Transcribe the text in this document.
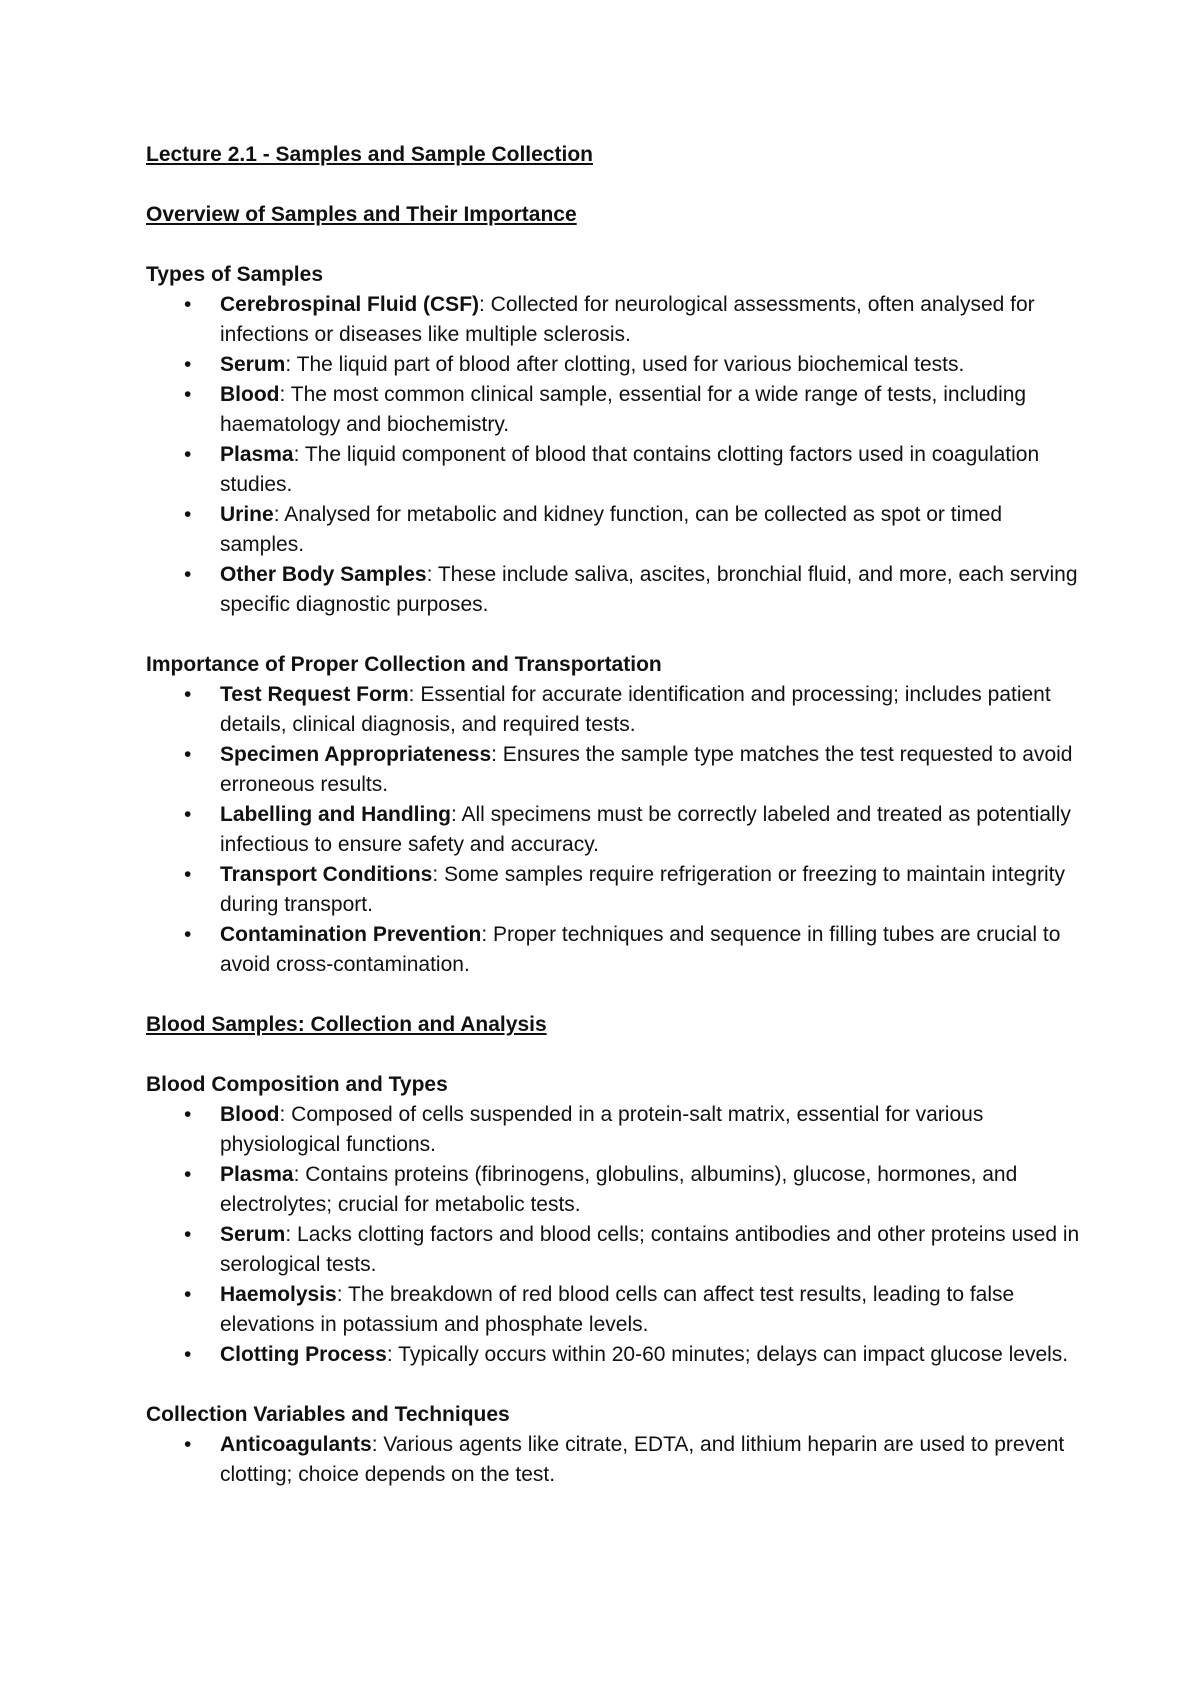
Lecture 2.1 - Samples and Sample Collection

Overview of Samples and Their Importance

Types of Samples

• Cerebrospinal Fluid (CSF): Collected for neurological assessments, often analysed for infections or diseases like multiple sclerosis.
• Serum: The liquid part of blood after clotting, used for various biochemical tests.
• Blood: The most common clinical sample, essential for a wide range of tests, including haematology and biochemistry.
• Plasma: The liquid component of blood that contains clotting factors used in coagulation studies.
• Urine: Analysed for metabolic and kidney function, can be collected as spot or timed samples.
• Other Body Samples: These include saliva, ascites, bronchial fluid, and more, each serving specific diagnostic purposes.

Importance of Proper Collection and Transportation

• Test Request Form: Essential for accurate identification and processing; includes patient details, clinical diagnosis, and required tests.
• Specimen Appropriateness: Ensures the sample type matches the test requested to avoid erroneous results.
• Labelling and Handling: All specimens must be correctly labeled and treated as potentially infectious to ensure safety and accuracy.
• Transport Conditions: Some samples require refrigeration or freezing to maintain integrity during transport.
• Contamination Prevention: Proper techniques and sequence in filling tubes are crucial to avoid cross-contamination.

Blood Samples: Collection and Analysis

Blood Composition and Types

• Blood: Composed of cells suspended in a protein-salt matrix, essential for various physiological functions.
• Plasma: Contains proteins (fibrinogens, globulins, albumins), glucose, hormones, and electrolytes; crucial for metabolic tests.
• Serum: Lacks clotting factors and blood cells; contains antibodies and other proteins used in serological tests.
• Haemolysis: The breakdown of red blood cells can affect test results, leading to false elevations in potassium and phosphate levels.
• Clotting Process: Typically occurs within 20-60 minutes; delays can impact glucose levels.

Collection Variables and Techniques

• Anticoagulants: Various agents like citrate, EDTA, and lithium heparin are used to prevent clotting; choice depends on the test.
